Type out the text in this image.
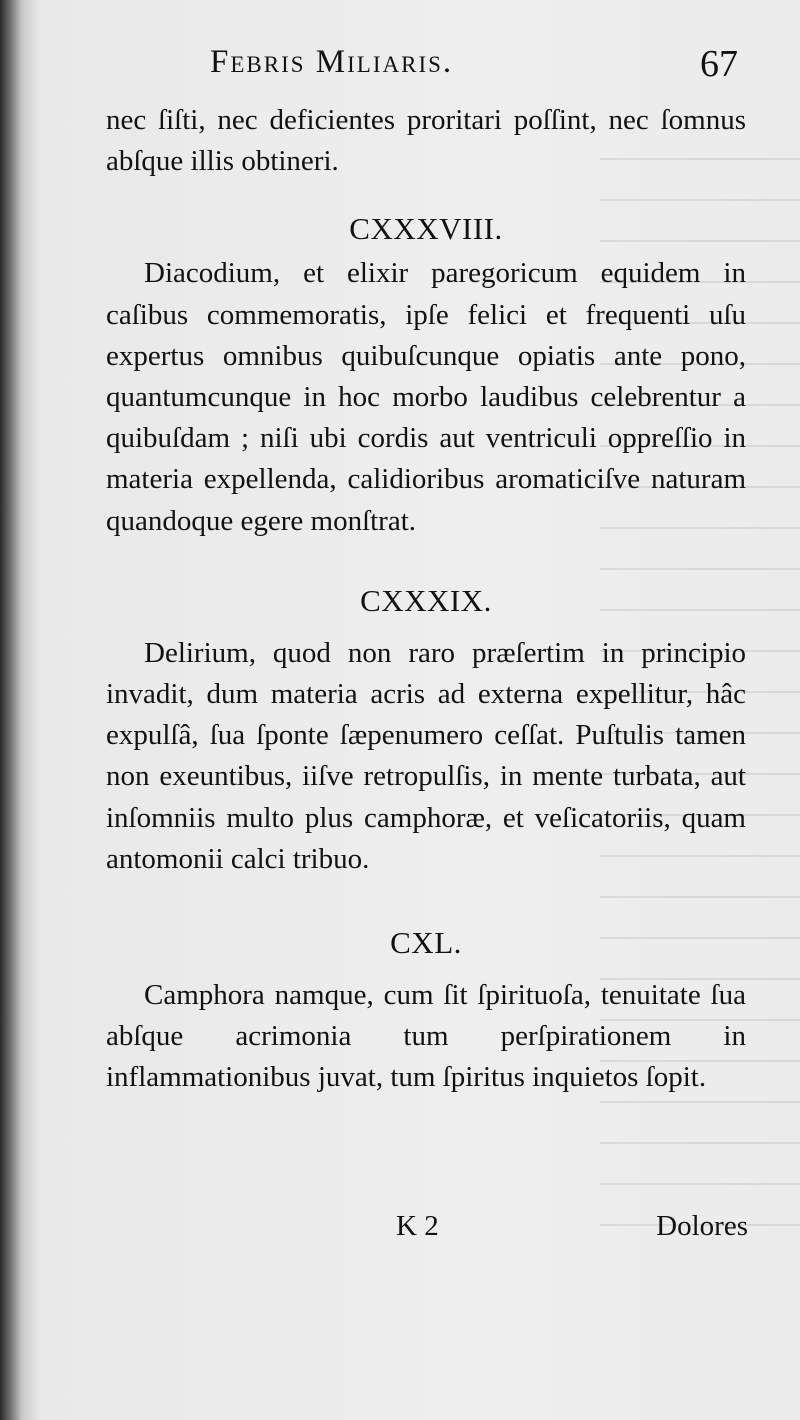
Febris Miliaris.	67

nec ſiſti, nec deficientes proritari poſſint, nec ſomnus abſque illis obtineri.

CXXXVIII.

Diacodium, et elixir paregoricum equidem in caſibus commemoratis, ipſe felici et frequenti uſu expertus omnibus quibuſcunque opiatis ante pono, quantumcunque in hoc morbo laudibus celebrentur a quibuſdam ; niſi ubi cordis aut ventriculi oppreſſio in materia expellenda, calidioribus aromaticiſve naturam quandoque egere monſtrat.

CXXXIX.

Delirium, quod non raro præſertim in principio invadit, dum materia acris ad externa expellitur, hâc expulſâ, ſua ſponte ſæpenumero ceſſat. Puſtulis tamen non exeuntibus, iiſve retropulſis, in mente turbata, aut inſomniis multo plus camphoræ, et veſicatoriis, quam antomonii calci tribuo.

CXL.

Camphora namque, cum ſit ſpirituoſa, tenuitate ſua abſque acrimonia tum perſpirationem in inflammationibus juvat, tum ſpiritus inquietos ſopit.

K 2	Dolores
